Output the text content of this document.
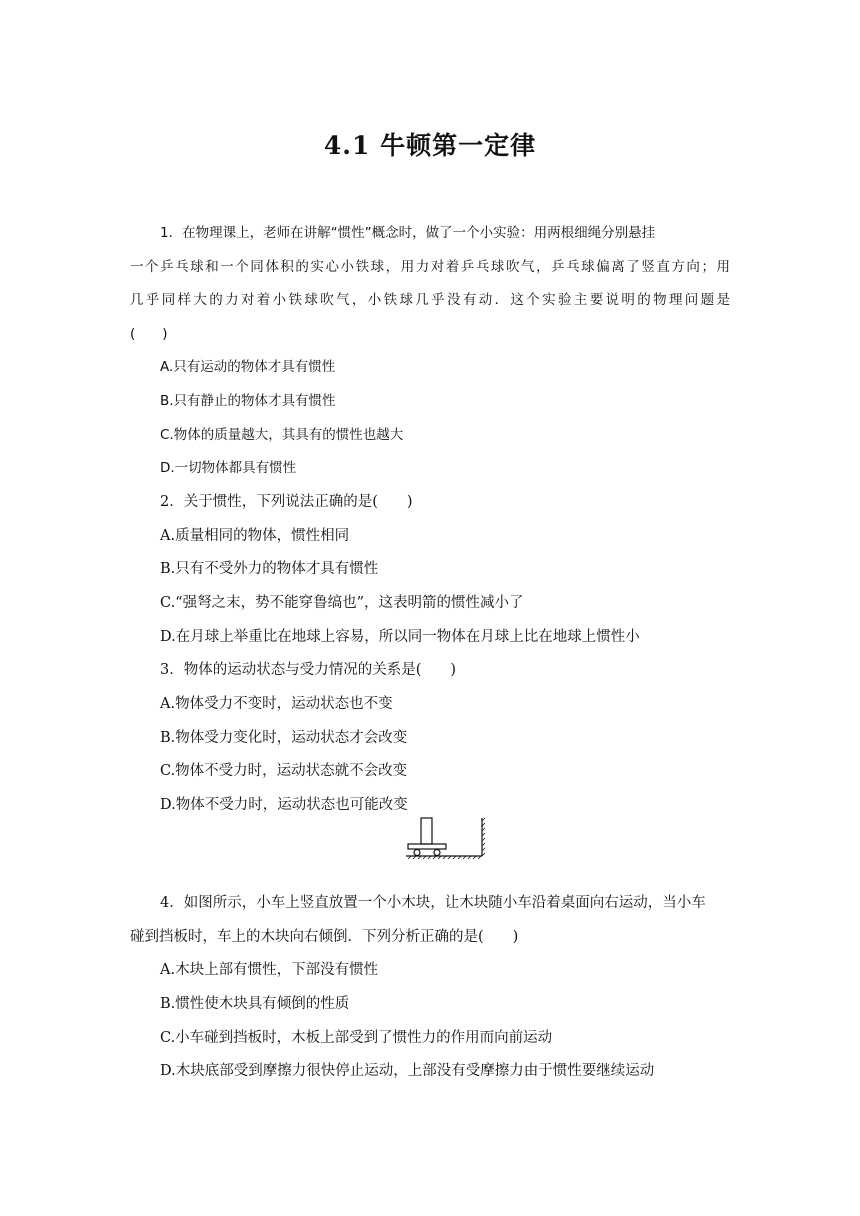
4.1 牛顿第一定律
1．在物理课上，老师在讲解“惯性”概念时，做了一个小实验：用两根细绳分别悬挂
一个乒乓球和一个同体积的实心小铁球，用力对着乒乓球吹气，乒乓球偏离了竖直方向；用
几乎同样大的力对着小铁球吹气，小铁球几乎没有动．这个实验主要说明的物理问题是
(　　)
A.只有运动的物体才具有惯性
B.只有静止的物体才具有惯性
C.物体的质量越大，其具有的惯性也越大
D.一切物体都具有惯性
2．关于惯性，下列说法正确的是(　　)
A.质量相同的物体，惯性相同
B.只有不受外力的物体才具有惯性
C.“强弩之末，势不能穿鲁缟也”，这表明箭的惯性减小了
D.在月球上举重比在地球上容易，所以同一物体在月球上比在地球上惯性小
3．物体的运动状态与受力情况的关系是(　　)
A.物体受力不变时，运动状态也不变
B.物体受力变化时，运动状态才会改变
C.物体不受力时，运动状态就不会改变
D.物体不受力时，运动状态也可能改变
4．如图所示，小车上竖直放置一个小木块，让木块随小车沿着桌面向右运动，当小车
碰到挡板时，车上的木块向右倾倒．下列分析正确的是(　　)
A.木块上部有惯性，下部没有惯性
B.惯性使木块具有倾倒的性质
C.小车碰到挡板时，木板上部受到了惯性力的作用而向前运动
D.木块底部受到摩擦力很快停止运动，上部没有受摩擦力由于惯性要继续运动
